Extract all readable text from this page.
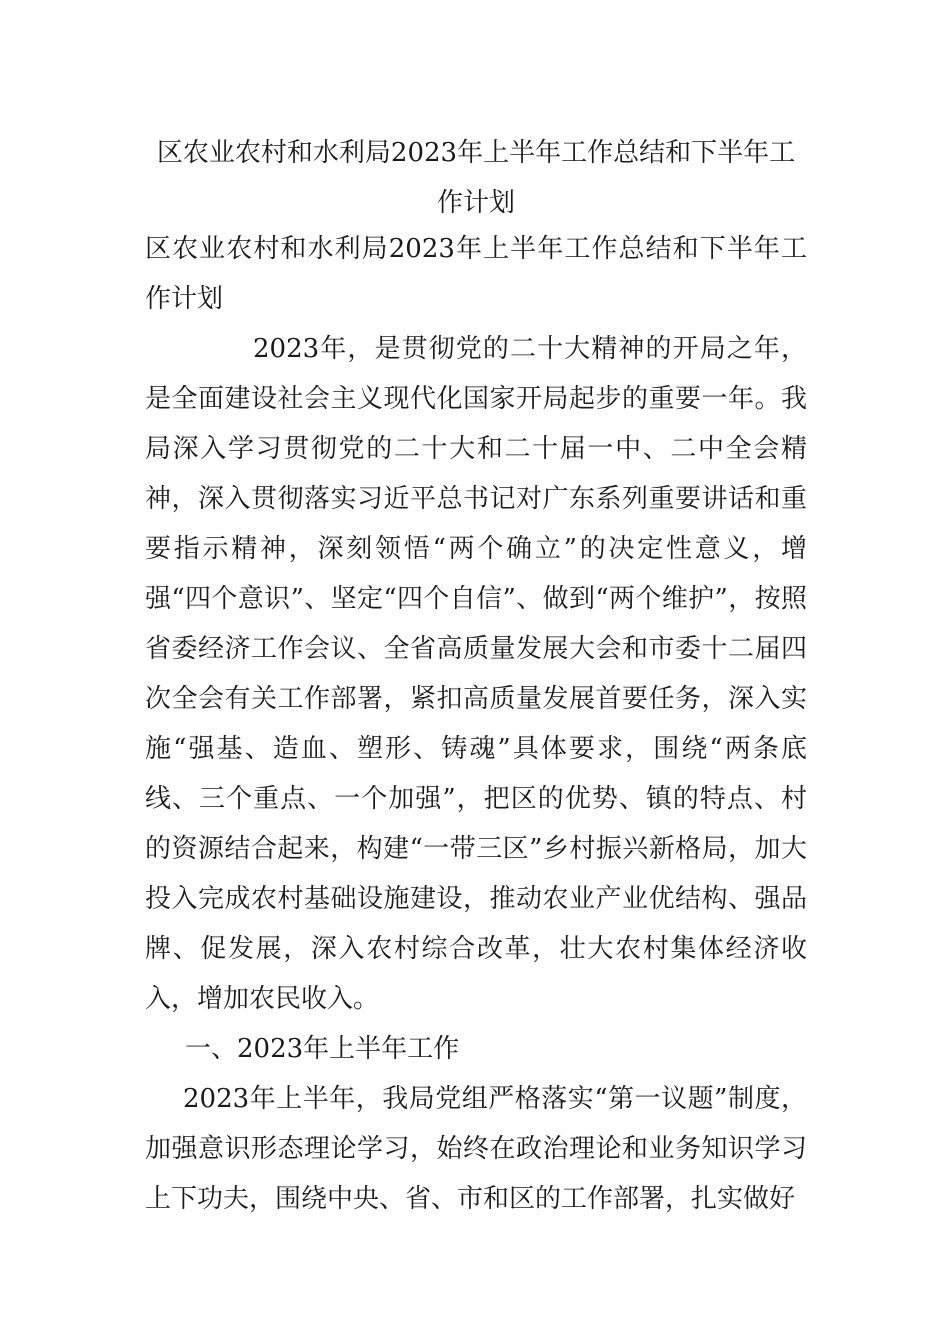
区农业农村和水利局2023年上半年工作总结和下半年工作计划

区农业农村和水利局2023年上半年工作总结和下半年工作计划

2023年，是贯彻党的二十大精神的开局之年，是全面建设社会主义现代化国家开局起步的重要一年。我局深入学习贯彻党的二十大和二十届一中、二中全会精神，深入贯彻落实习近平总书记对广东系列重要讲话和重要指示精神，深刻领悟“两个确立”的决定性意义，增强“四个意识”、坚定“四个自信”、做到“两个维护”，按照省委经济工作会议、全省高质量发展大会和市委十二届四次全会有关工作部署，紧扣高质量发展首要任务，深入实施“强基、造血、塑形、铸魂”具体要求，围绕“两条底线、三个重点、一个加强”，把区的优势、镇的特点、村的资源结合起来，构建“一带三区”乡村振兴新格局，加大投入完成农村基础设施建设，推动农业产业优结构、强品牌、促发展，深入农村综合改革，壮大农村集体经济收入，增加农民收入。

一、2023年上半年工作

2023年上半年，我局党组严格落实“第一议题”制度，加强意识形态理论学习，始终在政治理论和业务知识学习上下功夫，围绕中央、省、市和区的工作部署，扎实做好
